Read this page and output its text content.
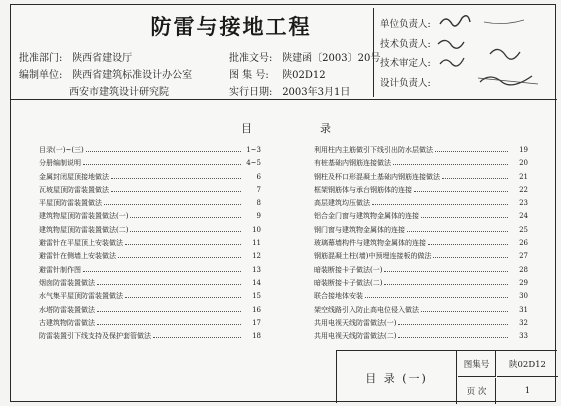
防雷与接地工程
批准部门: 陕西省建设厅
编制单位: 陕西省建筑标准设计办公室
西安市建筑设计研究院
批准文号: 陕建函〔2003〕20号
图 集 号: 陕02D12
实行日期: 2003年3月1日
单位负责人:
技术负责人:
技术审定人:
设计负责人:
目	录
目录(一)~(三)	1~3
分册编制说明	4~5
金属封闭屋顶接地做法	6
瓦坡屋顶防雷装置做法	7
平屋顶防雷装置做法	8
建筑物屋顶防雷装置做法(一)	9
建筑物屋顶防雷装置做法(二)	10
避雷针在平屋顶上安装做法	11
避雷针在侧墙上安装做法	12
避雷针制作图	13
烟囱防雷装置做法	14
水气集平屋顶防雷装置做法	15
水塔防雷装置做法	16
古建筑物防雷做法	17
防雷装置引下线支持及保护套管做法	18
利用柱内主筋做引下线引出防水层做法	19
有桩基础内钢筋连接做法	20
钢柱及杯口形混凝土基础内钢筋连接做法	21
框架钢筋体与承台钢筋体的连接	22
高层建筑均压做法	23
铝合金门窗与建筑物金属体的连接	24
钢门窗与建筑物金属体的连接	25
玻璃幕墙构件与建筑物金属体的连接	26
钢筋混凝土柱(墙)中预埋连接板的做法	27
暗装断接卡子做法(一)	28
暗装断接卡子做法(二)	29
联合接地体安装	30
架空线路引入防止高电位侵入做法	31
共用电视天线防雷做法(一)	32
共用电视天线防雷做法(二)	33
目 录 (一)
图集号	陕02D12
页 次	1
